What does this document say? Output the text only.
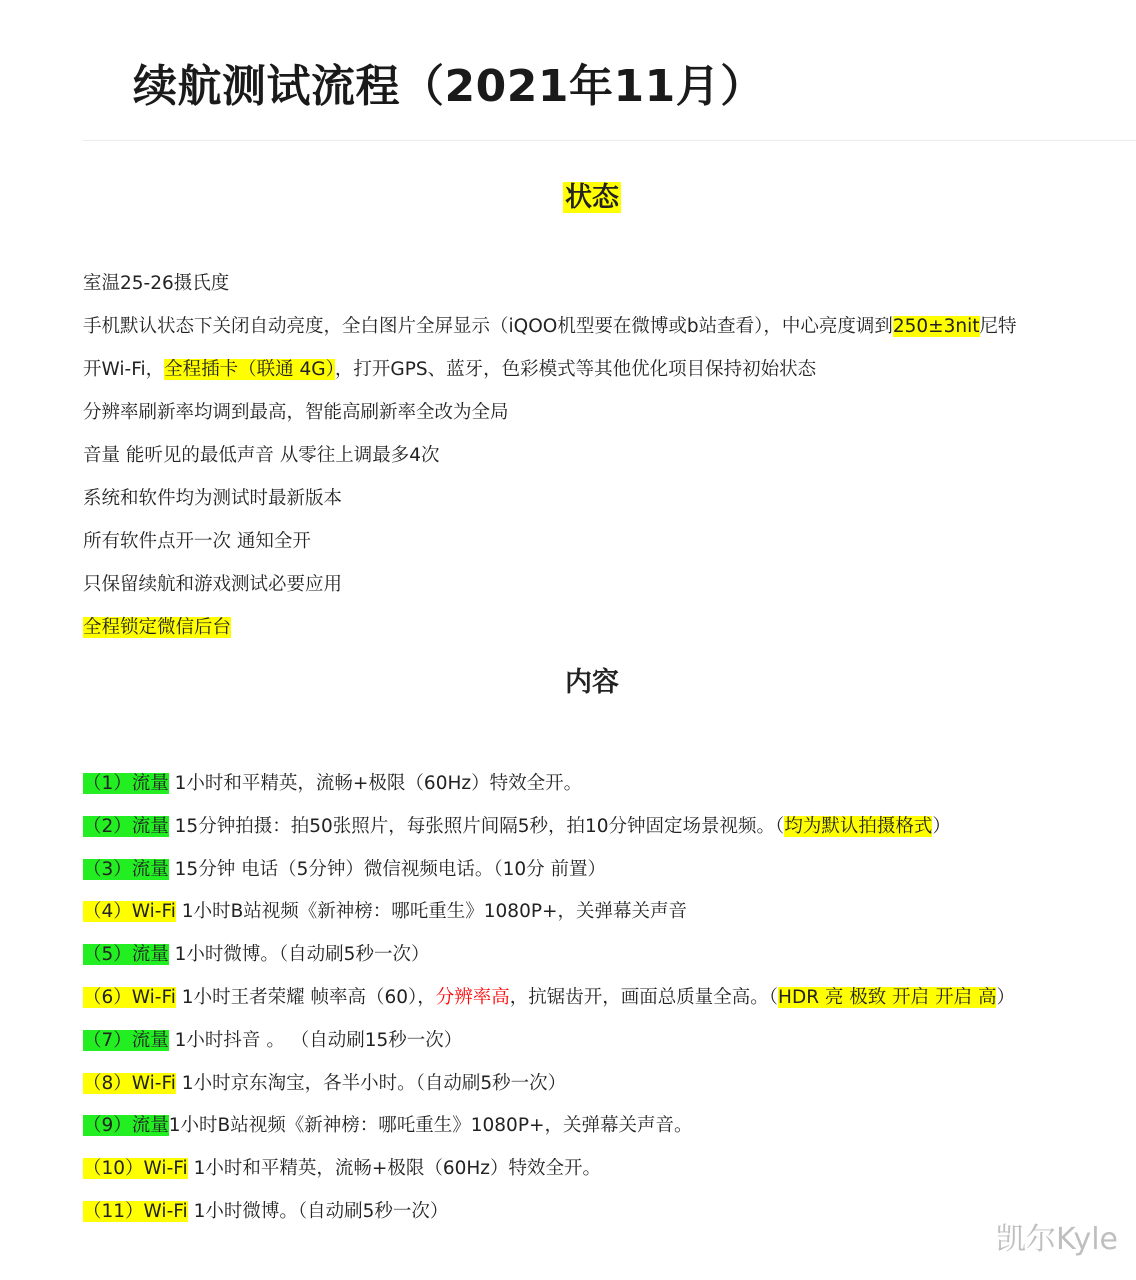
续航测试流程（2021年11月）
状态
室温25-26摄氏度
手机默认状态下关闭自动亮度，全白图片全屏显示（iQOO机型要在微博或b站查看），中心亮度调到250±3nit尼特
开Wi-Fi，全程插卡（联通 4G），打开GPS、蓝牙，色彩模式等其他优化项目保持初始状态
分辨率刷新率均调到最高，智能高刷新率全改为全局
音量 能听见的最低声音 从零往上调最多4次
系统和软件均为测试时最新版本
所有软件点开一次 通知全开
只保留续航和游戏测试必要应用
全程锁定微信后台
内容
（1）流量 1小时和平精英，流畅+极限（60Hz）特效全开。
（2）流量 15分钟拍摄：拍50张照片，每张照片间隔5秒，拍10分钟固定场景视频。（均为默认拍摄格式）
（3）流量 15分钟 电话（5分钟）微信视频电话。（10分 前置）
（4）Wi-Fi 1小时B站视频《新神榜：哪吒重生》1080P+，关弹幕关声音
（5）流量 1小时微博。（自动刷5秒一次）
（6）Wi-Fi 1小时王者荣耀 帧率高（60），分辨率高，抗锯齿开，画面总质量全高。（HDR 亮 极致 开启 开启 高）
（7）流量 1小时抖音 。 （自动刷15秒一次）
（8）Wi-Fi 1小时京东淘宝，各半小时。（自动刷5秒一次）
（9）流量1小时B站视频《新神榜：哪吒重生》1080P+，关弹幕关声音。
（10）Wi-Fi 1小时和平精英，流畅+极限（60Hz）特效全开。
（11）Wi-Fi 1小时微博。（自动刷5秒一次）
凯尔Kyle
